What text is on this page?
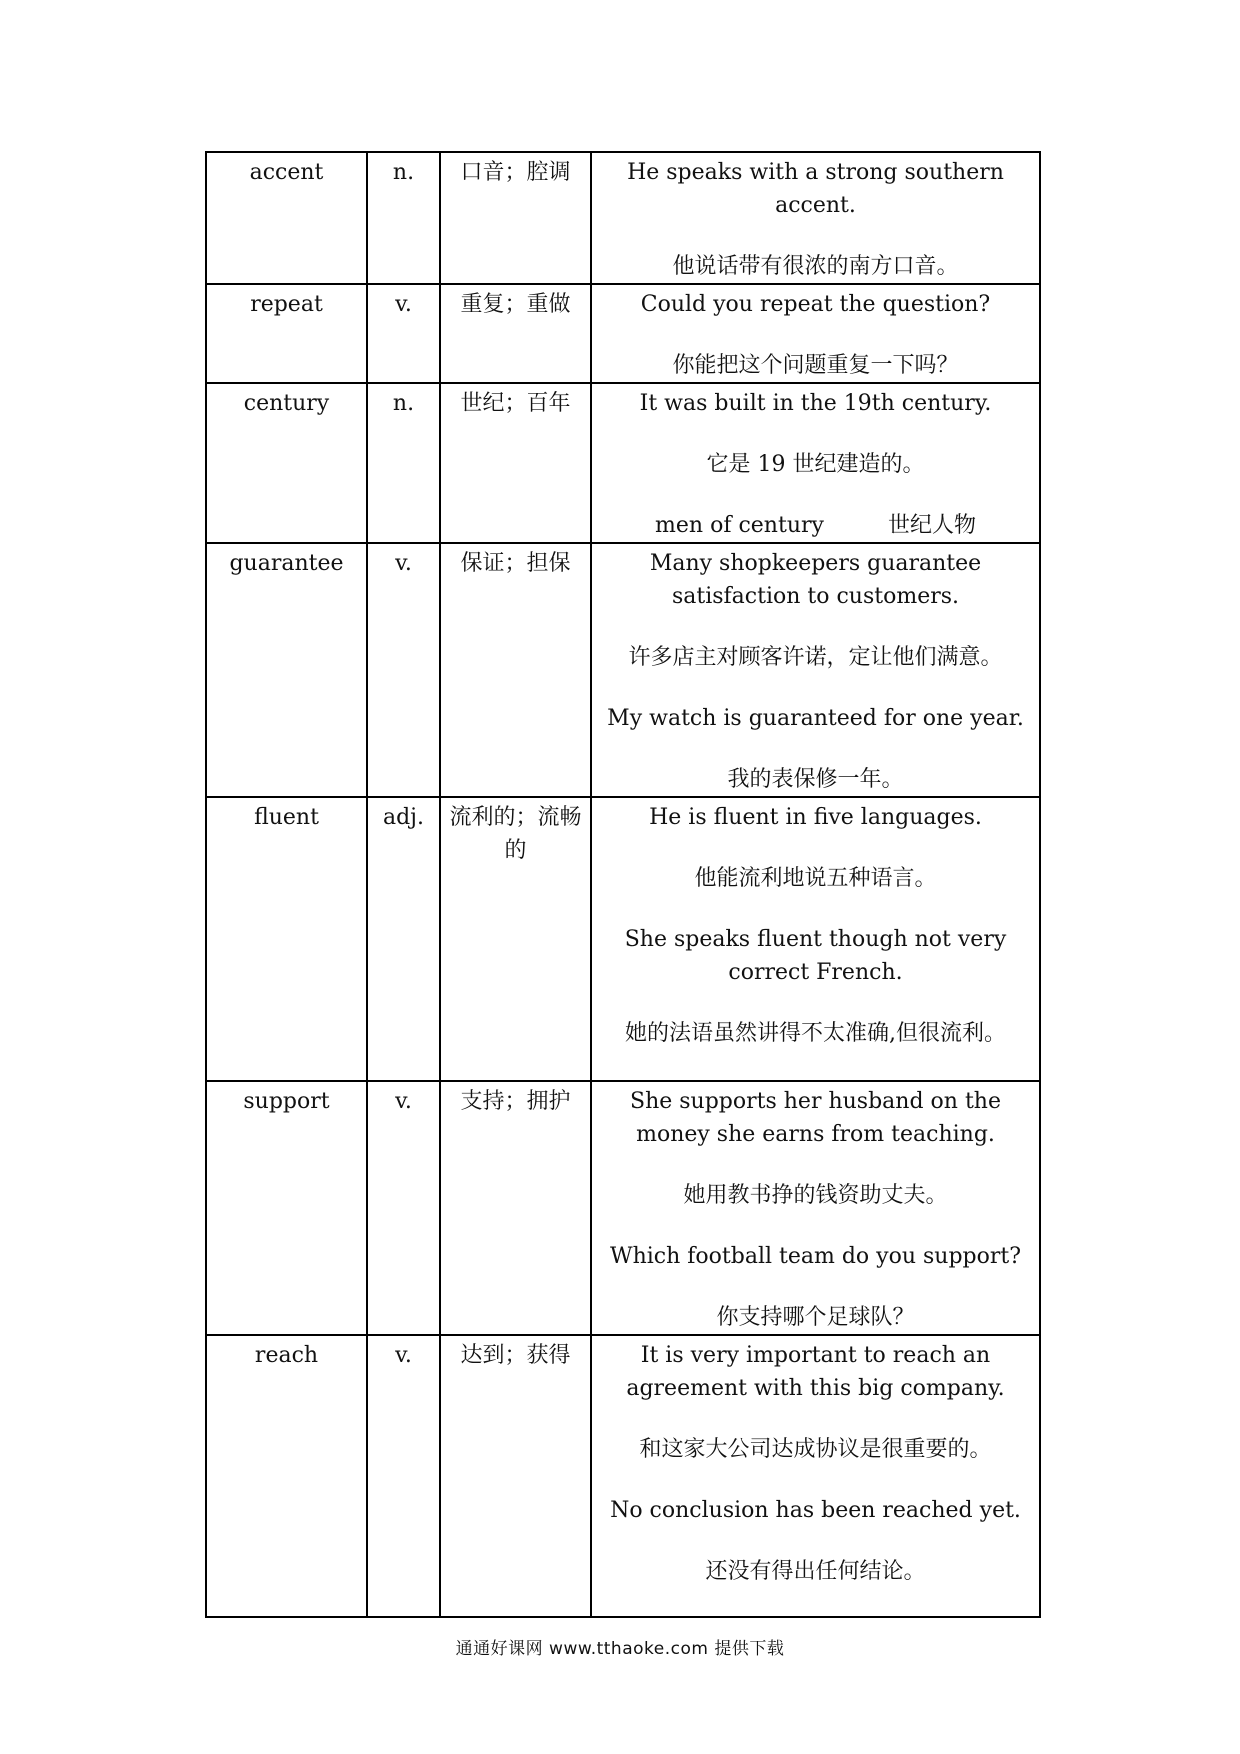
accent	n.	口音；腔调	He speaks with a strong southern accent.
他说话带有很浓的南方口音。

repeat	v.	重复；重做	Could you repeat the question?
你能把这个问题重复一下吗？

century	n.	世纪；百年	It was built in the 19th century.
它是 19 世纪建造的。
men of century 世纪人物

guarantee	v.	保证；担保	Many shopkeepers guarantee satisfaction to customers.
许多店主对顾客许诺，定让他们满意。
My watch is guaranteed for one year.
我的表保修一年。

fluent	adj.	流利的；流畅的	He is fluent in five languages.
他能流利地说五种语言。
She speaks fluent though not very correct French.
她的法语虽然讲得不太准确,但很流利。

support	v.	支持；拥护	She supports her husband on the money she earns from teaching.
她用教书挣的钱资助丈夫。
Which football team do you support?
你支持哪个足球队？

reach	v.	达到；获得	It is very important to reach an agreement with this big company.
和这家大公司达成协议是很重要的。
No conclusion has been reached yet.
还没有得出任何结论。
通通好课网 www.tthaoke.com 提供下载
